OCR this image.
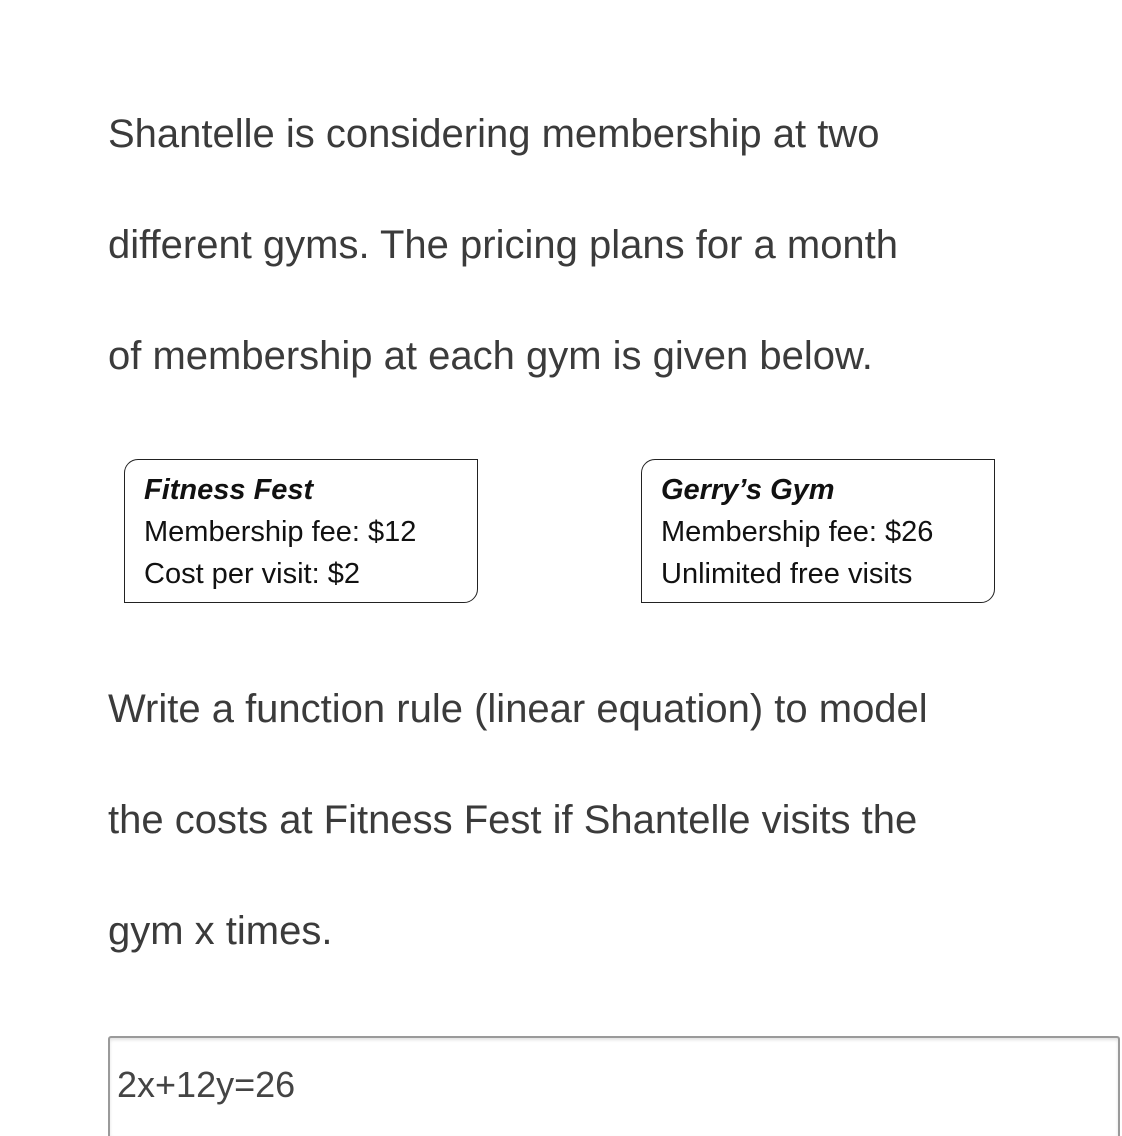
Shantelle is considering membership at two

different gyms. The pricing plans for a month

of membership at each gym is given below.

Fitness Fest
Membership fee: $12
Cost per visit: $2
Gerry’s Gym
Membership fee: $26
Unlimited free visits

Write a function rule (linear equation) to model

the costs at Fitness Fest if Shantelle visits the

gym x times.

2x+12y=26
